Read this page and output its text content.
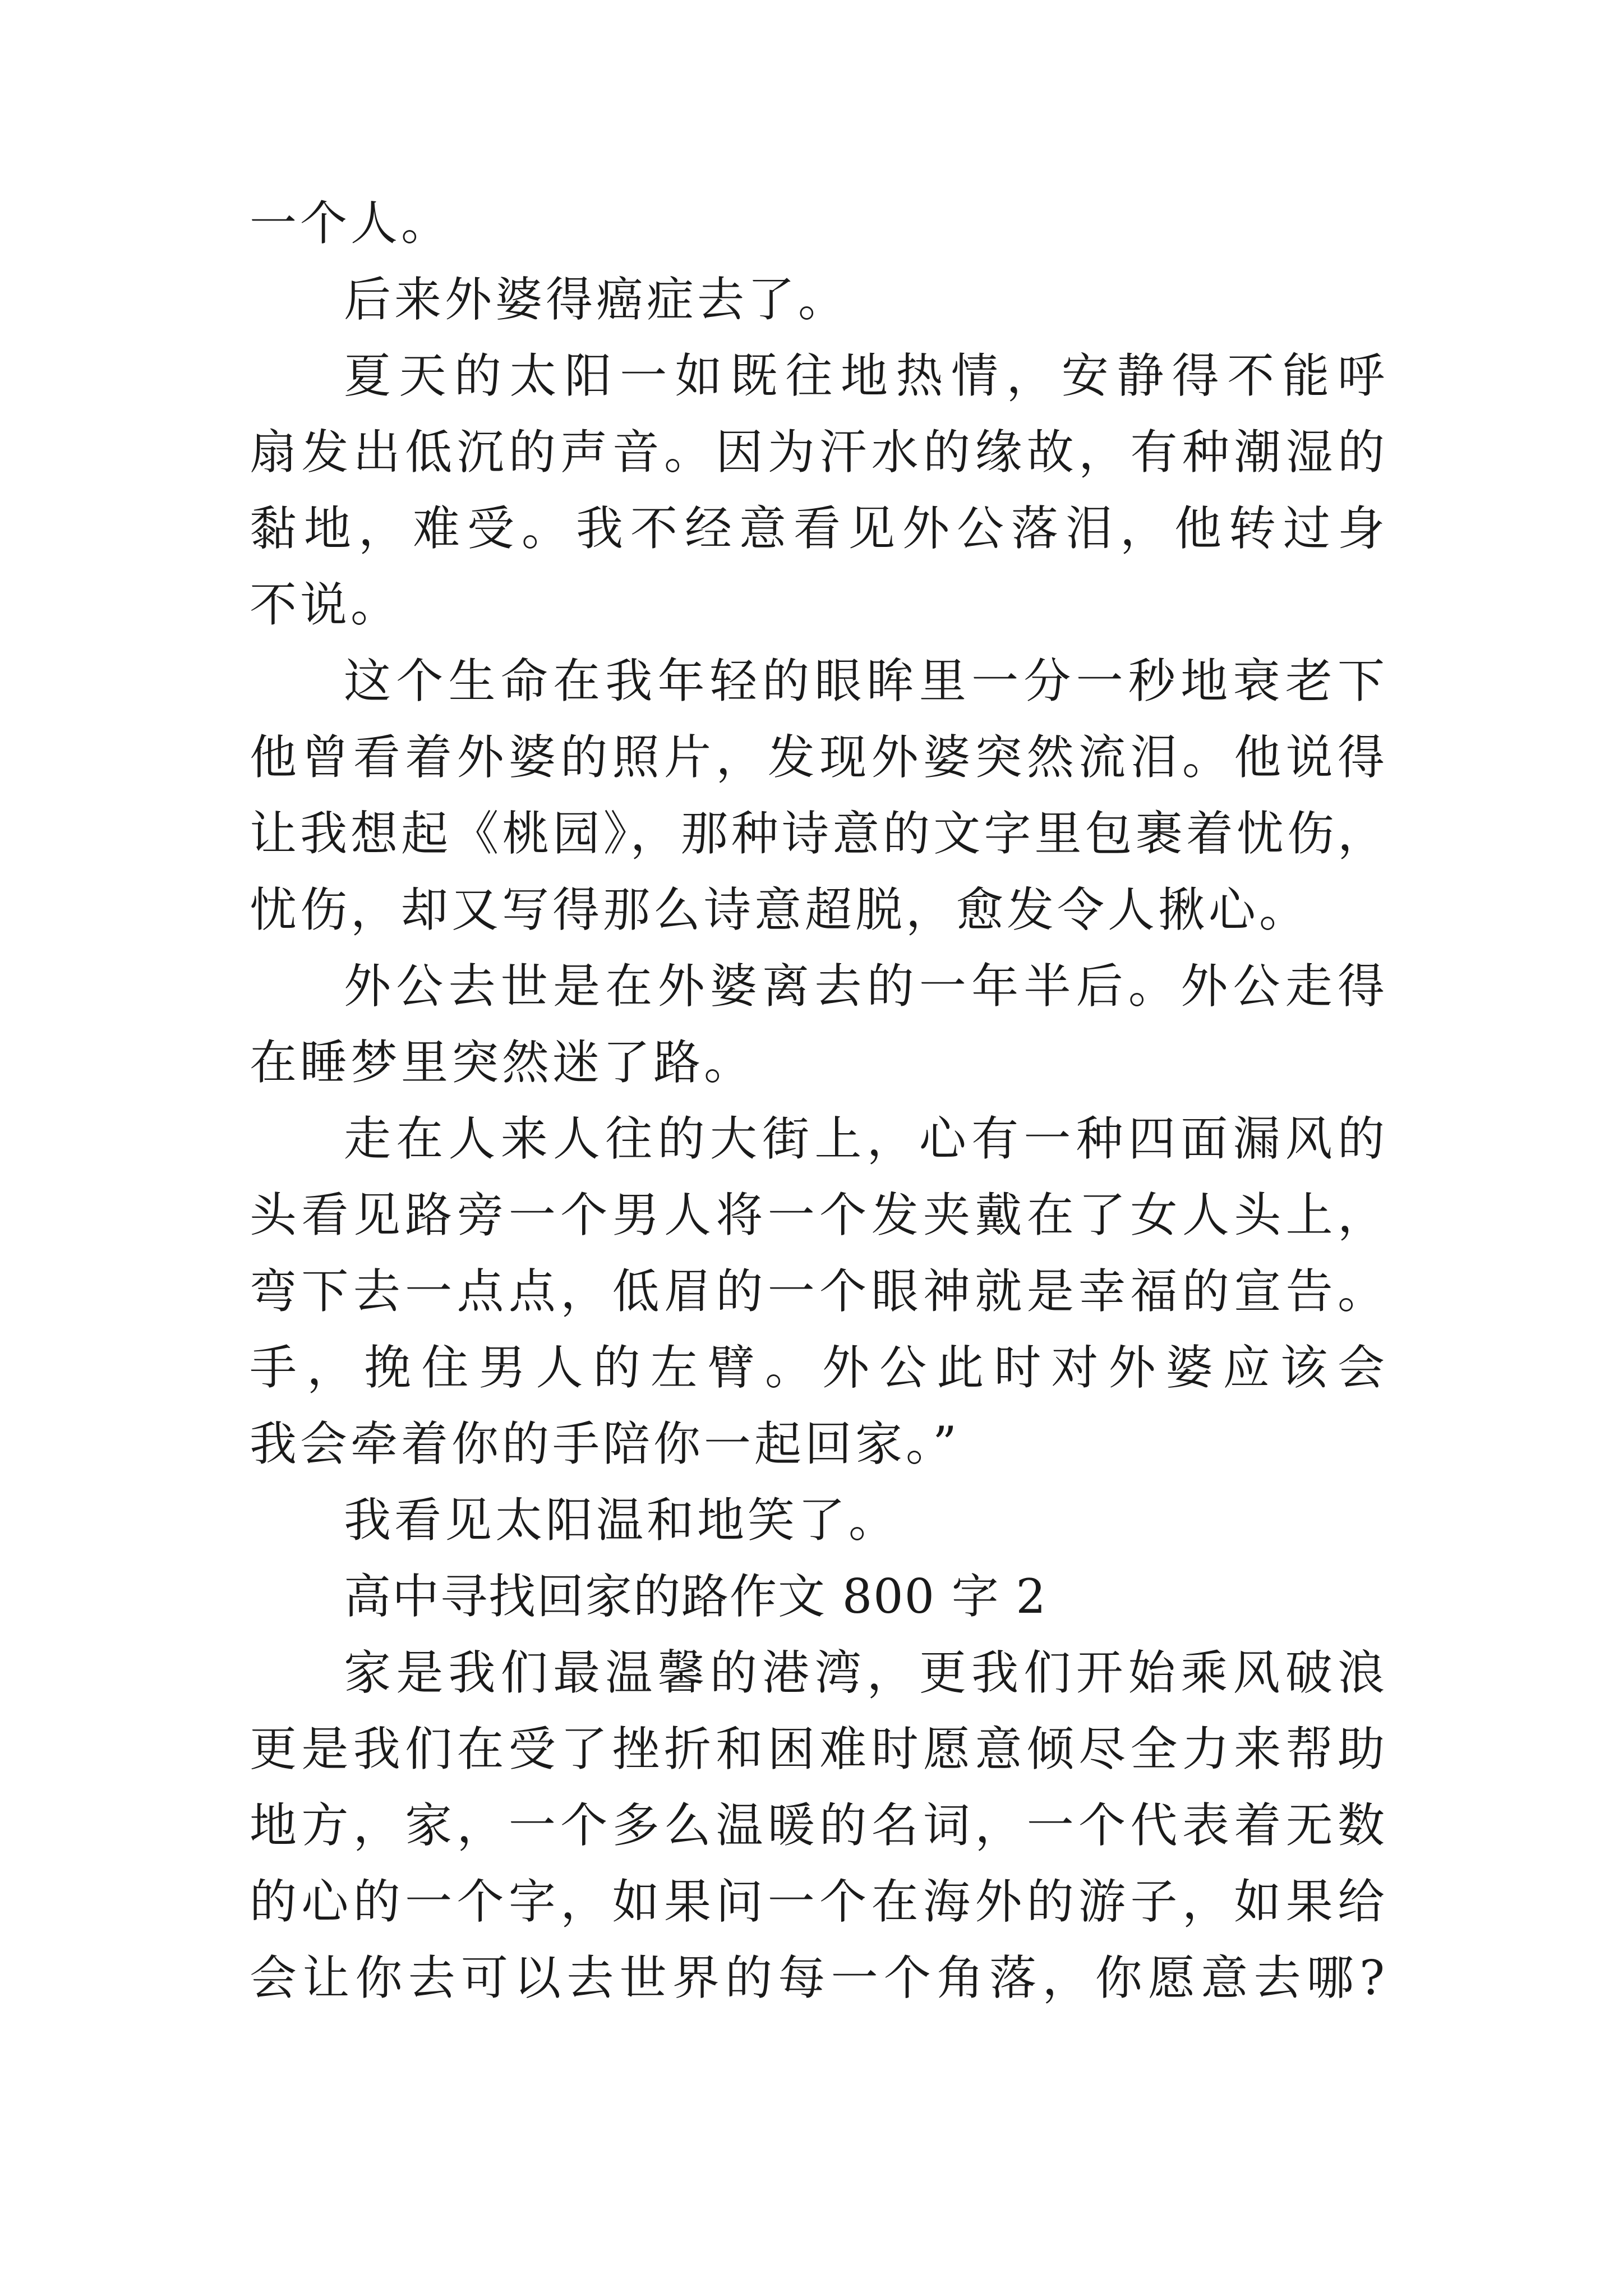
一个人。
后来外婆得癌症去了。
夏天的太阳一如既往地热情，安静得不能呼
扇发出低沉的声音。因为汗水的缘故，有种潮湿的
黏地，难受。我不经意看见外公落泪，他转过身
不说。
这个生命在我年轻的眼眸里一分一秒地衰老下
他曾看着外婆的照片，发现外婆突然流泪。他说得
让我想起《桃园》，那种诗意的文字里包裹着忧伤，
忧伤，却又写得那么诗意超脱，愈发令人揪心。
外公去世是在外婆离去的一年半后。外公走得
在睡梦里突然迷了路。
走在人来人往的大街上，心有一种四面漏风的
头看见路旁一个男人将一个发夹戴在了女人头上，
弯下去一点点，低眉的一个眼神就是幸福的宣告。
手，挽住男人的左臂。外公此时对外婆应该会
我会牵着你的手陪你一起回家。”
我看见太阳温和地笑了。
高中寻找回家的路作文 800 字 2
家是我们最温馨的港湾，更我们开始乘风破浪
更是我们在受了挫折和困难时愿意倾尽全力来帮助
地方，家，一个多么温暖的名词，一个代表着无数
的心的一个字，如果问一个在海外的游子，如果给
会让你去可以去世界的每一个角落，你愿意去哪?
